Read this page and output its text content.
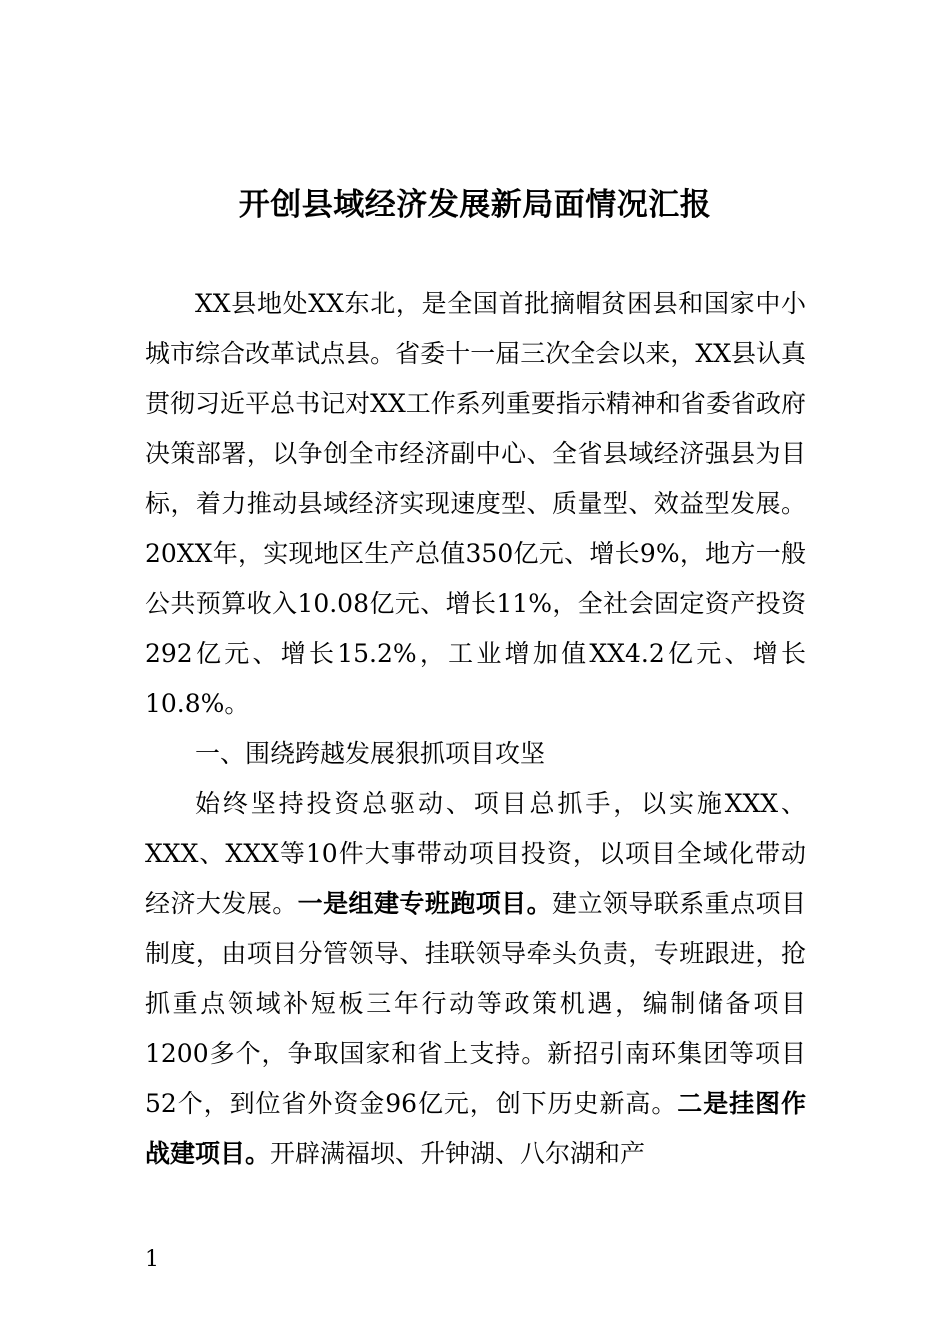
开创县域经济发展新局面情况汇报

XX县地处XX东北，是全国首批摘帽贫困县和国家中小城市综合改革试点县。省委十一届三次全会以来，XX县认真贯彻习近平总书记对XX工作系列重要指示精神和省委省政府决策部署，以争创全市经济副中心、全省县域经济强县为目标，着力推动县域经济实现速度型、质量型、效益型发展。20XX年，实现地区生产总值350亿元、增长9%，地方一般公共预算收入10.08亿元、增长11%，全社会固定资产投资292亿元、增长15.2%，工业增加值XX4.2亿元、增长10.8%。

一、围绕跨越发展狠抓项目攻坚

始终坚持投资总驱动、项目总抓手，以实施XXX、XXX、XXX等10件大事带动项目投资，以项目全域化带动经济大发展。一是组建专班跑项目。建立领导联系重点项目制度，由项目分管领导、挂联领导牵头负责，专班跟进，抢抓重点领域补短板三年行动等政策机遇，编制储备项目1200多个，争取国家和省上支持。新招引南环集团等项目52个，到位省外资金96亿元，创下历史新高。二是挂图作战建项目。开辟满福坝、升钟湖、八尔湖和产

1
